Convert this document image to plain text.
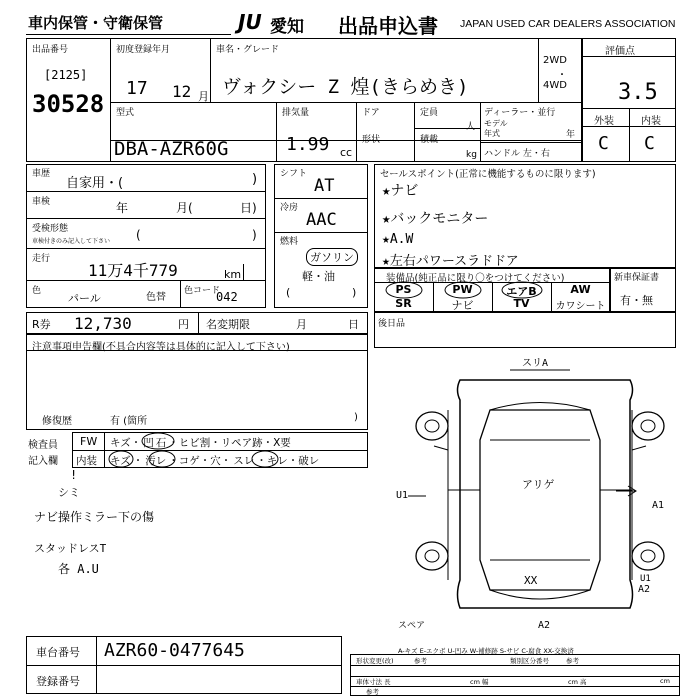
車内保管・守衛保管	JU 愛知 出品申込書 JAPAN USED CAR DEALERS ASSOCIATION
出品番号
[2125]
30528
初度登録年月
17 12 月
車名・グレード
ヴォクシー Z 煌(きらめき)
2WD
・
4WD
評価点
3.5
外装	内装
C C
型式
DBA-AZR60G
排気量
1.99 cc
ドア
形状
定員
人
積載
kg
ディーラー・並行
モデル年式	年
ハンドル 左・右
車歴
自家用・(	)
車検	年	月(	日)
受検形態
車検付きのみ記入して下さい (	)
走行
11万4千779	km
色
パール	色替
色コード
042
シフト
AT
冷房
AAC
燃料
ガソリン
軽・油
(	)
セールスポイント(正常に機能するものに限ります)
★ナビ
★バックモニター
★A.W
★左右パワースラドドア
装備品(純正品に限り〇をつけてください)
PS	PW	エアB	AW
SR	ナビ	TV	カワシート
新車保証書
有・無
R券 12,730	円 名変期限	月	日 後日品
注意事項申告欄(不具合内容等は具体的に記入して下さい)
修復歴	有 (箇所	)
検査員
記入欄
FW キズ・ 凹 石 ・ヒビ割・リペア跡・X要
内装 キズ ・ 汚レ ・コゲ・穴・ スレ ・キレ・破レ
!
シミ
ナビ操作ミラー下の傷
スタッドレスT
各 A.U
スリA
U1
A1
アリゲ
XX	U1
A2
A2
スペア
A-キズ E-エクボ U-凹み W-補修跡 S-サビ C-腐食 XX-交換済
車台番号 AZR60-0477645
登録番号
形状変更(改)	参考	類別区分番号	参考
車体寸法 長	cm 幅	cm 高	cm
参考
